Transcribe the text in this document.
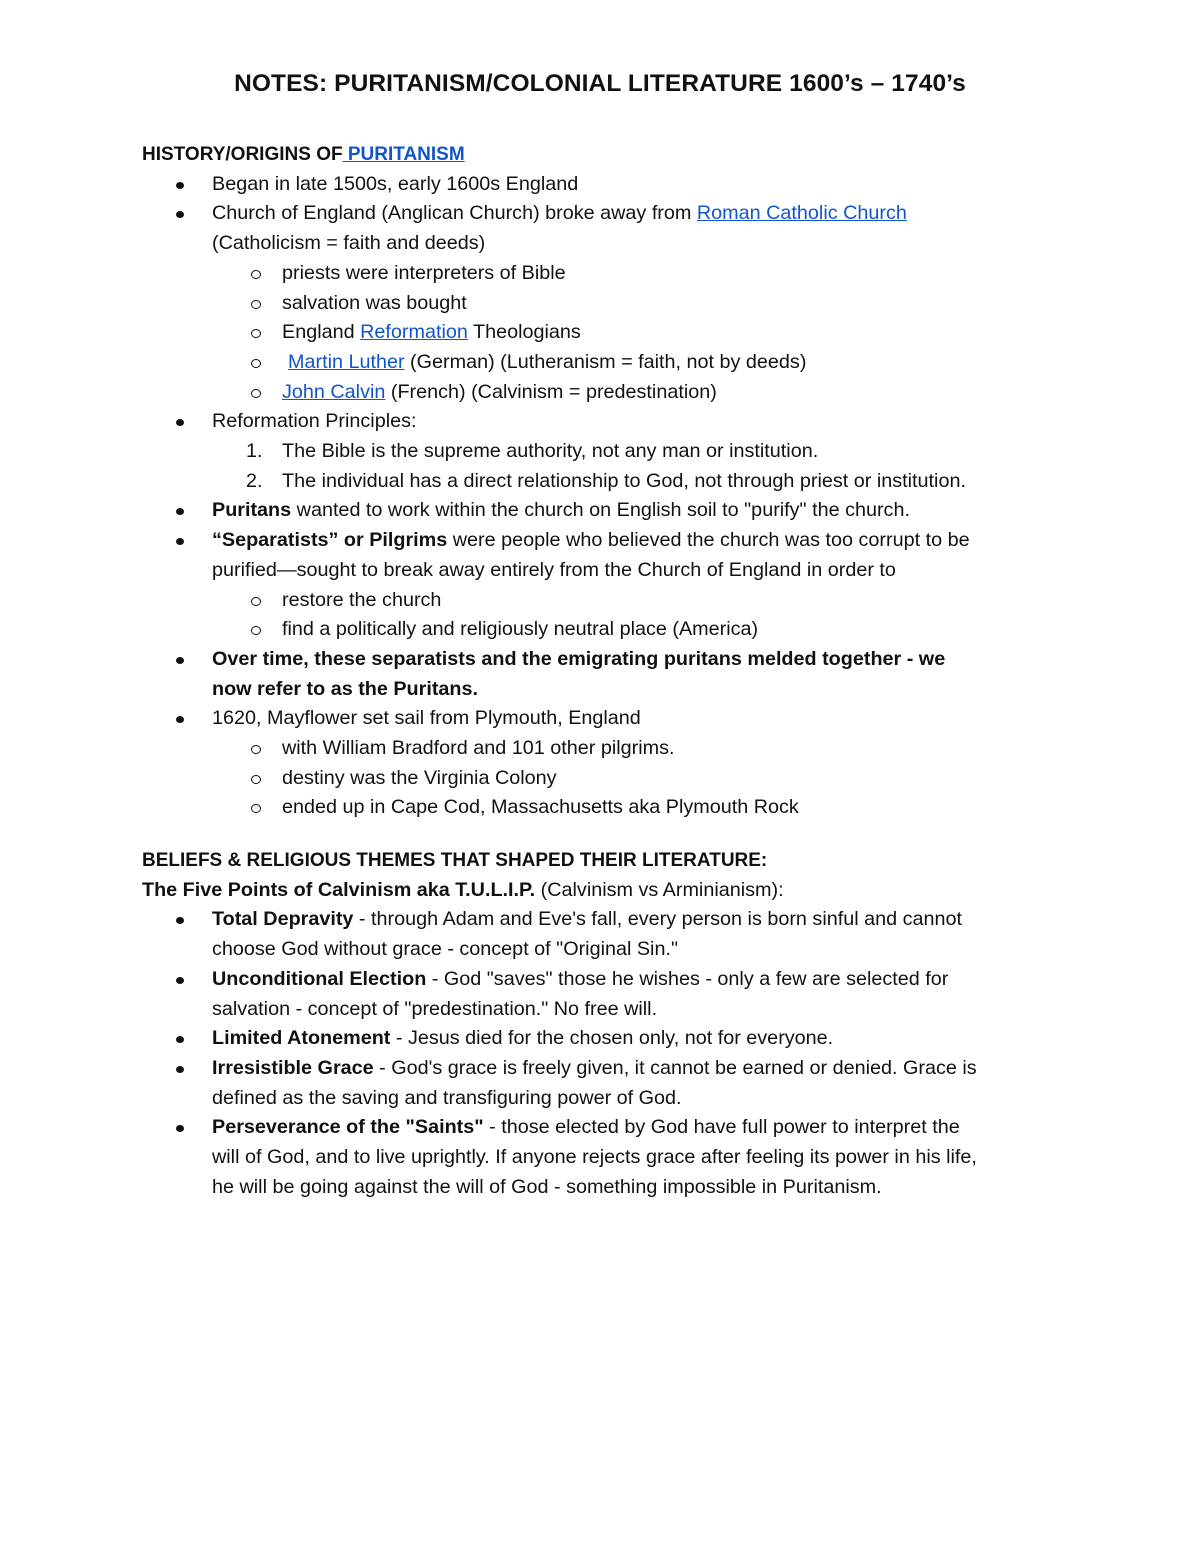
NOTES: PURITANISM/COLONIAL LITERATURE 1600’s – 1740’s
HISTORY/ORIGINS OF PURITANISM
Began in late 1500s, early 1600s England
Church of England (Anglican Church) broke away from Roman Catholic Church
(Catholicism = faith and deeds)
priests were interpreters of Bible
salvation was bought
England Reformation Theologians
Martin Luther (German) (Lutheranism = faith, not by deeds)
John Calvin (French) (Calvinism = predestination)
Reformation Principles:
1. The Bible is the supreme authority, not any man or institution.
2. The individual has a direct relationship to God, not through priest or institution.
Puritans wanted to work within the church on English soil to "purify" the church.
“Separatists” or Pilgrims were people who believed the church was too corrupt to be
purified—sought to break away entirely from the Church of England in order to
restore the church
find a politically and religiously neutral place (America)
Over time, these separatists and the emigrating puritans melded together - we
now refer to as the Puritans.
1620, Mayflower set sail from Plymouth, England
with William Bradford and 101 other pilgrims.
destiny was the Virginia Colony
ended up in Cape Cod, Massachusetts aka Plymouth Rock
BELIEFS & RELIGIOUS THEMES THAT SHAPED THEIR LITERATURE:
The Five Points of Calvinism aka T.U.L.I.P. (Calvinism vs Arminianism):
Total Depravity - through Adam and Eve's fall, every person is born sinful and cannot
choose God without grace - concept of "Original Sin."
Unconditional Election - God "saves" those he wishes - only a few are selected for
salvation - concept of "predestination." No free will.
Limited Atonement - Jesus died for the chosen only, not for everyone.
Irresistible Grace - God's grace is freely given, it cannot be earned or denied. Grace is
defined as the saving and transfiguring power of God.
Perseverance of the "Saints" - those elected by God have full power to interpret the
will of God, and to live uprightly. If anyone rejects grace after feeling its power in his life,
he will be going against the will of God - something impossible in Puritanism.
